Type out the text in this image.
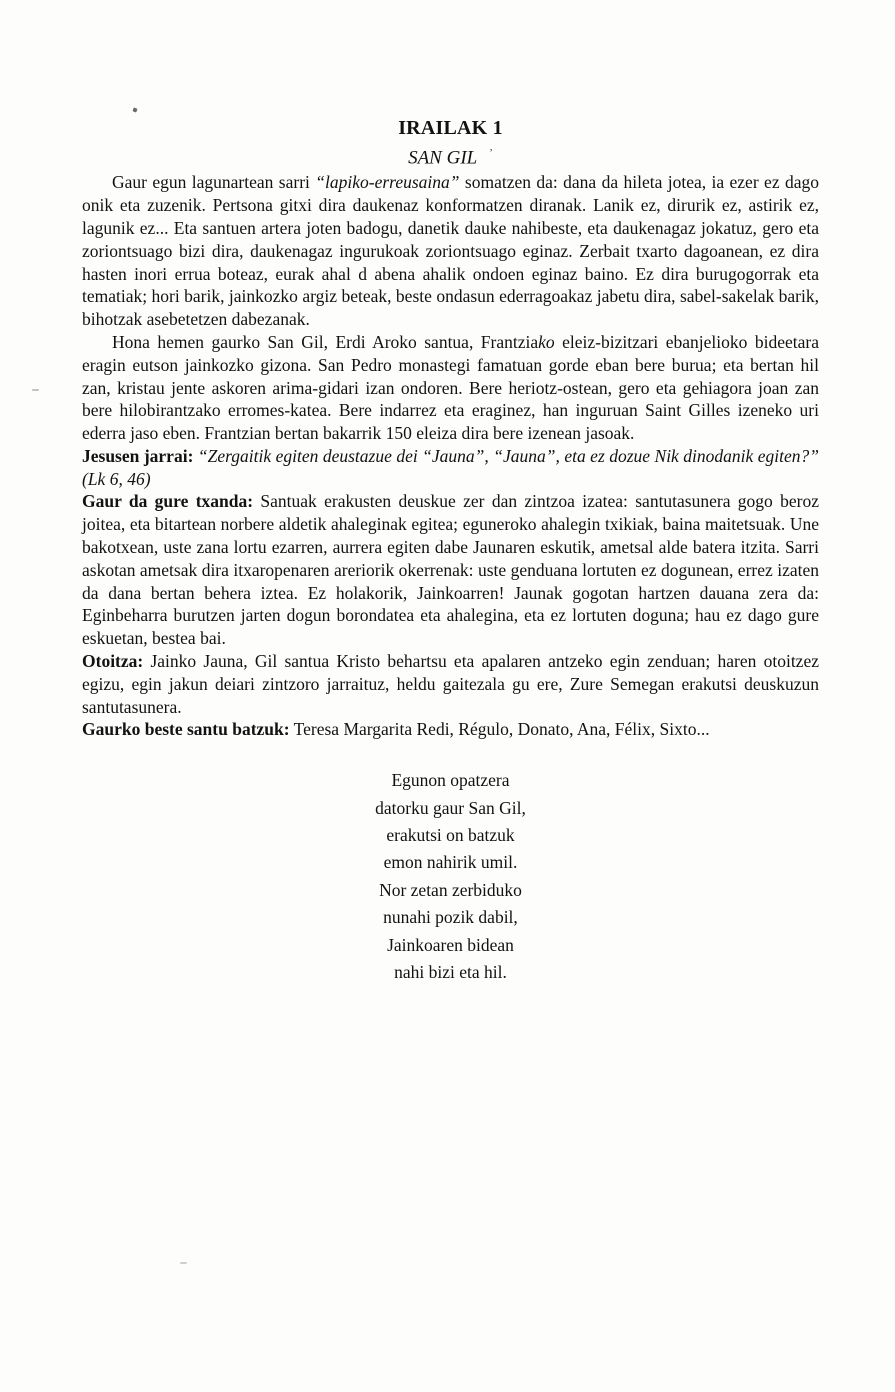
IRAILAK 1
SAN GIL ’

Gaur egun lagunartean sarri “lapiko-erreusaina” somatzen da: dana da hileta jotea, ia ezer ez dago onik eta zuzenik. Pertsona gitxi dira daukenaz konformatzen diranak. Lanik ez, dirurik ez, astirik ez, lagunik ez... Eta santuen artera joten badogu, danetik dauke nahibeste, eta daukenagaz jokatuz, gero eta zoriontsuago bizi dira, daukenagaz ingurukoak zoriontsuago eginaz. Zerbait txarto dagoanean, ez dira hasten inori errua boteaz, eurak ahal d abena ahalik ondoen eginaz baino. Ez dira burugogorrak eta tematiak; hori barik, jainkozko argiz beteak, beste ondasun ederragoakaz jabetu dira, sabel-sakelak barik, bihotzak asebetetzen dabezanak.

Hona hemen gaurko San Gil, Erdi Aroko santua, Frantziako eleiz-bizitzari ebanjelioko bideetara eragin eutson jainkozko gizona. San Pedro monastegi famatuan gorde eban bere burua; eta bertan hil zan, kristau jente askoren arima-gidari izan ondoren. Bere heriotz-ostean, gero eta gehiagora joan zan bere hilobirantzako erromes-katea. Bere indarrez eta eraginez, han inguruan Saint Gilles izeneko uri ederra jaso eben. Frantzian bertan bakarrik 150 eleiza dira bere izenean jasoak.

Jesusen jarrai: “Zergaitik egiten deustazue dei “Jauna”, “Jauna”, eta ez dozue Nik dinodanik egiten?” (Lk 6, 46)

Gaur da gure txanda: Santuak erakusten deuskue zer dan zintzoa izatea: santutasunera gogo beroz joitea, eta bitartean norbere aldetik ahaleginak egitea; eguneroko ahalegin txikiak, baina maitetsuak. Une bakotxean, uste zana lortu ezarren, aurrera egiten dabe Jaunaren eskutik, ametsal alde batera itzita. Sarri askotan ametsak dira itxaropenaren areriorik okerrenak: uste genduana lortuten ez dogunean, errez izaten da dana bertan behera iztea. Ez holakorik, Jainkoarren! Jaunak gogotan hartzen dauana zera da: Eginbeharra burutzen jarten dogun borondatea eta ahalegina, eta ez lortuten doguna; hau ez dago gure eskuetan, bestea bai.

Otoitza: Jainko Jauna, Gil santua Kristo behartsu eta apalaren antzeko egin zenduan; haren otoitzez egizu, egin jakun deiari zintzoro jarraituz, heldu gaitezala gu ere, Zure Semegan erakutsi deuskuzun santutasunera.

Gaurko beste santu batzuk: Teresa Margarita Redi, Régulo, Donato, Ana, Félix, Sixto...

Egunon opatzera
datorku gaur San Gil,
erakutsi on batzuk
emon nahirik umil.
Nor zetan zerbiduko
nunahi pozik dabil,
Jainkoaren bidean
nahi bizi eta hil.
